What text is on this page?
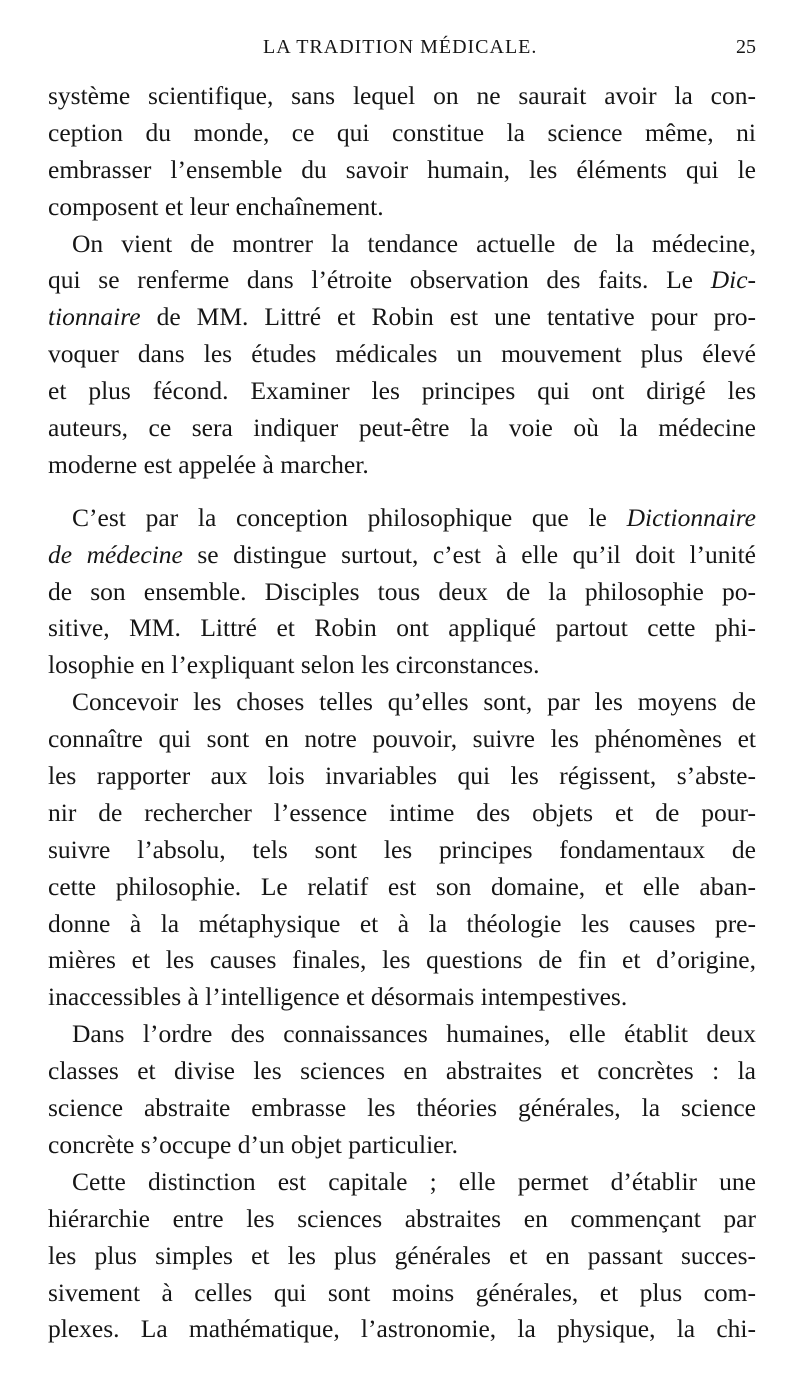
LA TRADITION MÉDICALE.	25
système scientifique, sans lequel on ne saurait avoir la con-
ception du monde, ce qui constitue la science même, ni
embrasser l’ensemble du savoir humain, les éléments qui le
composent et leur enchaînement.
On vient de montrer la tendance actuelle de la médecine,
qui se renferme dans l’étroite observation des faits. Le Dic-
tionnaire de MM. Littré et Robin est une tentative pour pro-
voquer dans les études médicales un mouvement plus élevé
et plus fécond. Examiner les principes qui ont dirigé les
auteurs, ce sera indiquer peut-être la voie où la médecine
moderne est appelée à marcher.
C’est par la conception philosophique que le Dictionnaire
de médecine se distingue surtout, c’est à elle qu’il doit l’unité
de son ensemble. Disciples tous deux de la philosophie po-
sitive, MM. Littré et Robin ont appliqué partout cette phi-
losophie en l’expliquant selon les circonstances.
Concevoir les choses telles qu’elles sont, par les moyens de
connaître qui sont en notre pouvoir, suivre les phénomènes et
les rapporter aux lois invariables qui les régissent, s’abste-
nir de rechercher l’essence intime des objets et de pour-
suivre l’absolu, tels sont les principes fondamentaux de
cette philosophie. Le relatif est son domaine, et elle aban-
donne à la métaphysique et à la théologie les causes pre-
mières et les causes finales, les questions de fin et d’origine,
inaccessibles à l’intelligence et désormais intempestives.
Dans l’ordre des connaissances humaines, elle établit deux
classes et divise les sciences en abstraites et concrètes : la
science abstraite embrasse les théories générales, la science
concrète s’occupe d’un objet particulier.
Cette distinction est capitale ; elle permet d’établir une
hiérarchie entre les sciences abstraites en commençant par
les plus simples et les plus générales et en passant succes-
sivement à celles qui sont moins générales, et plus com-
plexes. La mathématique, l’astronomie, la physique, la chi-
